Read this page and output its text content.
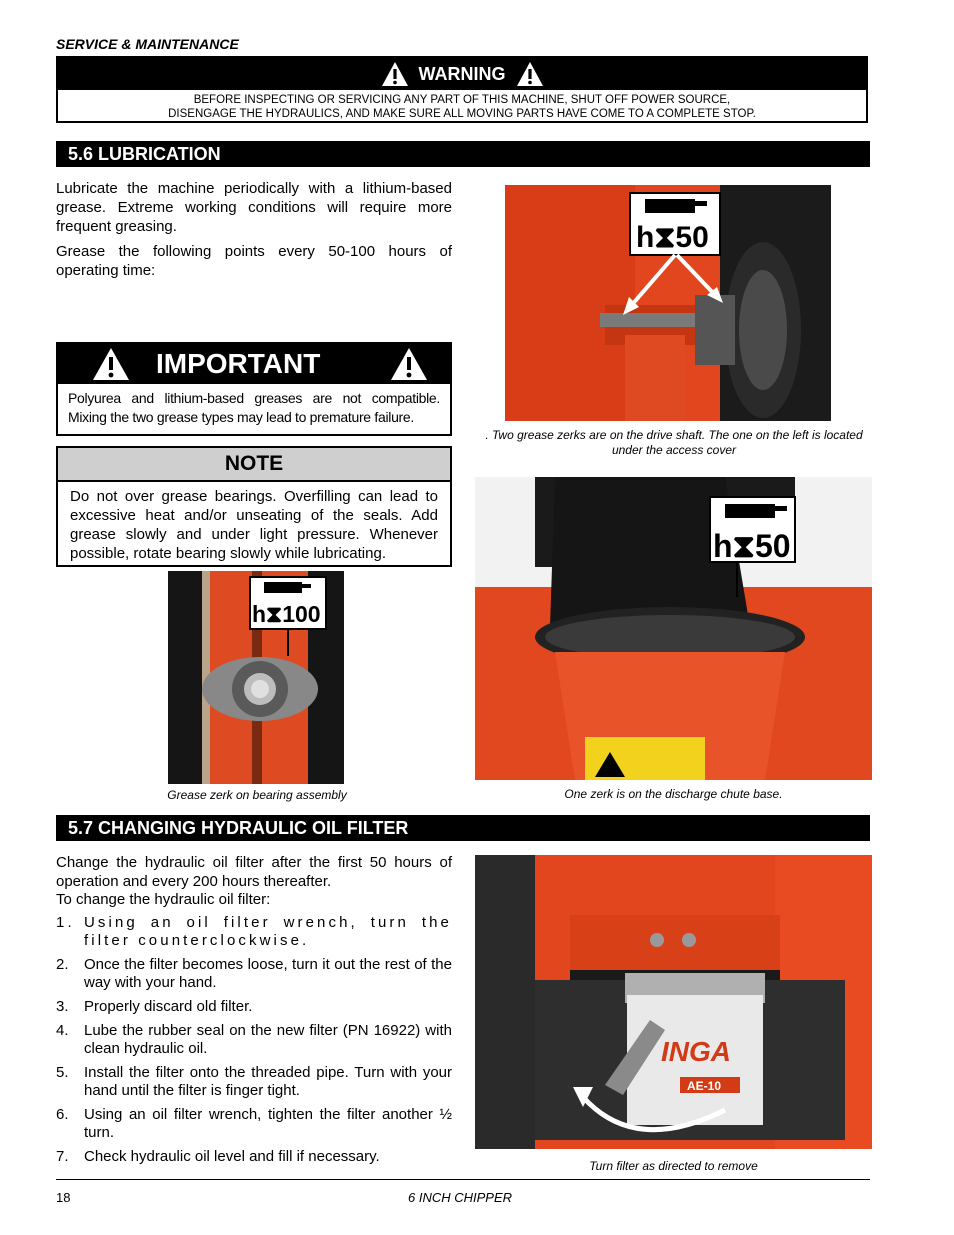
SERVICE & MAINTENANCE
WARNING
BEFORE INSPECTING OR SERVICING ANY PART OF THIS MACHINE, SHUT OFF POWER SOURCE,
DISENGAGE THE HYDRAULICS, AND MAKE SURE ALL MOVING PARTS HAVE COME TO A COMPLETE STOP.
5.6 LUBRICATION
Lubricate the machine periodically with a lithium-based grease. Extreme working conditions will require more frequent greasing.
Grease the following points every 50-100 hours of operating time:
IMPORTANT
Polyurea and lithium-based greases are not compatible. Mixing the two grease types may lead to premature failure.
NOTE
Do not over grease bearings. Overfilling can lead to excessive heat and/or unseating of the seals. Add grease slowly and under light pressure. Whenever possible, rotate bearing slowly while lubricating.
h⧗50
. Two grease zerks are on the drive shaft. The one on the left is located under the access cover
h⧗50
One zerk is on the discharge chute base.
h⧗100
Grease zerk on bearing assembly
5.7 CHANGING HYDRAULIC OIL FILTER
Change the hydraulic oil filter after the first 50 hours of operation and every 200 hours thereafter.
To change the hydraulic oil filter:
1. Using an oil filter wrench, turn the filter counterclockwise.
2. Once the filter becomes loose, turn it out the rest of the way with your hand.
3. Properly discard old filter.
4. Lube the rubber seal on the new filter (PN 16922) with clean hydraulic oil.
5. Install the filter onto the threaded pipe. Turn with your hand until the filter is finger tight.
6. Using an oil filter wrench, tighten the filter another ½ turn.
7. Check hydraulic oil level and fill if necessary.
INGA
AE-10
Turn filter as directed to remove
18	6 INCH CHIPPER
